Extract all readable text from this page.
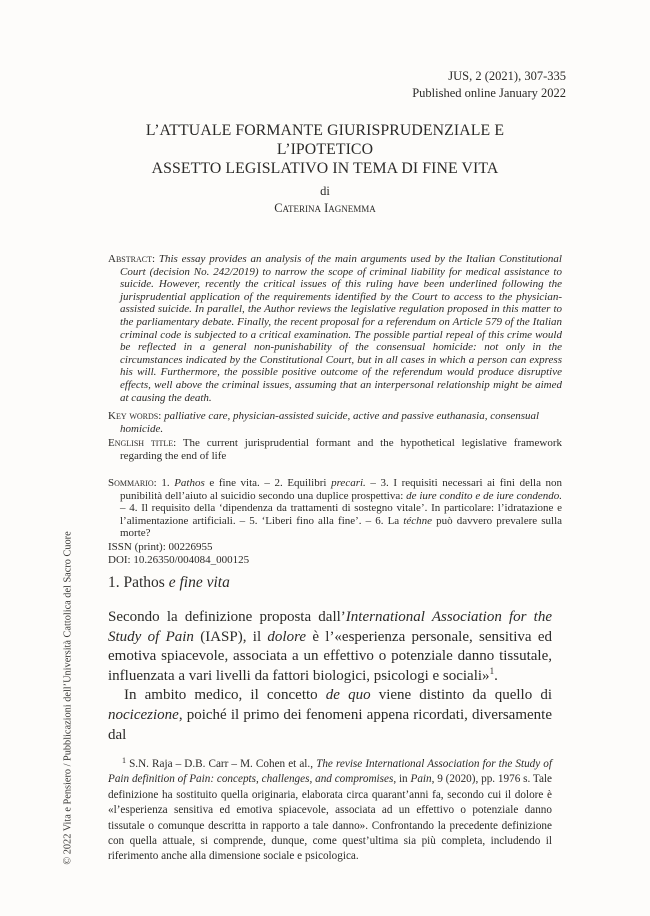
JUS, 2 (2021), 307-335
Published online January 2022
L’ATTUALE FORMANTE GIURISPRUDENZIALE E L’IPOTETICO
ASSETTO LEGISLATIVO IN TEMA DI FINE VITA
di
Caterina Iagnemma
Abstract: This essay provides an analysis of the main arguments used by the Italian Constitutional Court (decision No. 242/2019) to narrow the scope of criminal liability for medical assistance to suicide. However, recently the critical issues of this ruling have been underlined following the jurisprudential application of the requirements identified by the Court to access to the physician-assisted suicide. In parallel, the Author reviews the legislative regulation proposed in this matter to the parliamentary debate. Finally, the recent proposal for a referendum on Article 579 of the Italian criminal code is subjected to a critical examination. The possible partial repeal of this crime would be reflected in a general non-punishability of the consensual homicide: not only in the circumstances indicated by the Constitutional Court, but in all cases in which a person can express his will. Furthermore, the possible positive outcome of the referendum would produce disruptive effects, well above the criminal issues, assuming that an interpersonal relationship might be aimed at causing the death.
Key words: palliative care, physician-assisted suicide, active and passive euthanasia, consensual homicide.
English title: The current jurisprudential formant and the hypothetical legislative framework regarding the end of life
Sommario: 1. Pathos e fine vita. – 2. Equilibri precari. – 3. I requisiti necessari ai fini della non punibilità dell’aiuto al suicidio secondo una duplice prospettiva: de iure condito e de iure condendo. – 4. Il requisito della ‘dipendenza da trattamenti di sostegno vitale’. In particolare: l’idratazione e l’alimentazione artificiali. – 5. ‘Liberi fino alla fine’. – 6. La téchne può davvero prevalere sulla morte?
ISSN (print): 00226955
DOI: 10.26350/004084_000125
© 2022 Vita e Pensiero / Pubblicazioni dell’Università Cattolica del Sacro Cuore 1. Pathos e fine vita

Secondo la definizione proposta dall’International Association for the Study of Pain (IASP), il dolore è l’«esperienza personale, sensitiva ed emotiva spiacevole, associata a un effettivo o potenziale danno tissutale, influenzata a vari livelli da fattori biologici, psicologi e sociali»$^1$.

In ambito medico, il concetto de quo viene distinto da quello di nocicezione, poiché il primo dei fenomeni appena ricordati, diversamente dal

$^1$ S.N. Raja – D.B. Carr – M. Cohen et al., The revise International Association for the Study of Pain definition of Pain: concepts, challenges, and compromises, in Pain, 9 (2020), pp. 1976 s. Tale definizione ha sostituito quella originaria, elaborata circa quarant’anni fa, secondo cui il dolore è «l’esperienza sensitiva ed emotiva spiacevole, associata ad un effettivo o potenziale danno tissutale o comunque descritta in rapporto a tale danno». Confrontando la precedente definizione con quella attuale, si comprende, dunque, come quest’ultima sia più completa, includendo il riferimento anche alla dimensione sociale e psicologica.
